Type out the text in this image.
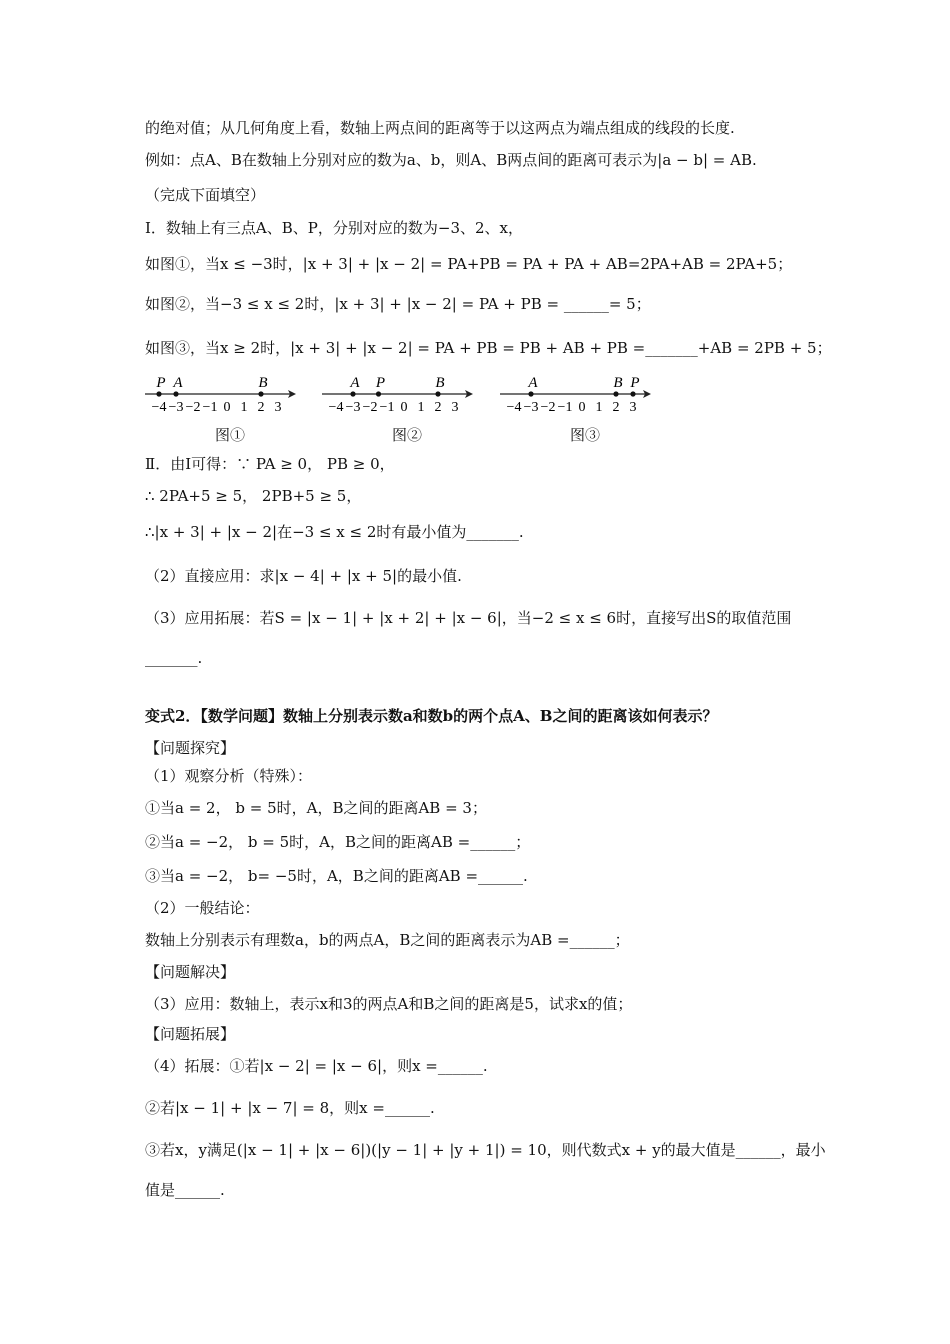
的绝对值；从几何角度上看，数轴上两点间的距离等于以这两点为端点组成的线段的长度.
例如：点A、B在数轴上分别对应的数为a、b，则A、B两点间的距离可表示为|a − b| = AB.
（完成下面填空）
Ⅰ．数轴上有三点A、B、P，分别对应的数为−3、2、x，
如图①，当x ≤ −3时，|x + 3| + |x − 2| = PA+PB = PA + PA + AB=2PA+AB = 2PA+5；
如图②，当−3 ≤ x ≤ 2时，|x + 3| + |x − 2| = PA + PB = ______= 5；
如图③，当x ≥ 2时，|x + 3| + |x − 2| = PA + PB = PB + AB + PB =_______+AB = 2PB + 5；
Ⅱ．由Ⅰ可得：∵ PA ≥ 0， PB ≥ 0，
∴ 2PA+5 ≥ 5， 2PB+5 ≥ 5，
∴|x + 3| + |x − 2|在−3 ≤ x ≤ 2时有最小值为_______.
（2）直接应用：求|x − 4| + |x + 5|的最小值.
（3）应用拓展：若S = |x − 1| + |x + 2| + |x − 6|，当−2 ≤ x ≤ 6时，直接写出S的取值范围
_______.
变式2．【数学问题】数轴上分别表示数a和数b的两个点A、B之间的距离该如何表示？
【问题探究】
（1）观察分析（特殊）：
①当a = 2， b = 5时，A，B之间的距离AB = 3；
②当a = −2， b = 5时，A，B之间的距离AB =______；
③当a = −2， b= −5时，A，B之间的距离AB =______.
（2）一般结论：
数轴上分别表示有理数a，b的两点A，B之间的距离表示为AB =______；
【问题解决】
（3）应用：数轴上，表示x和3的两点A和B之间的距离是5，试求x的值；
【问题拓展】
（4）拓展：①若|x − 2| = |x − 6|，则x =______.
②若|x − 1| + |x − 7| = 8，则x =______.
③若x，y满足(|x − 1| + |x − 6|)(|y − 1| + |y + 1|) = 10，则代数式x + y的最大值是______，最小
值是______.
−4 −3 −2 −1 0 1 2 3
P A	B
图①
−4 −3 −2 −1 0 1 2 3
A P	B
图②
−4 −3 −2 −1 0 1 2 3
A	B P
图③
